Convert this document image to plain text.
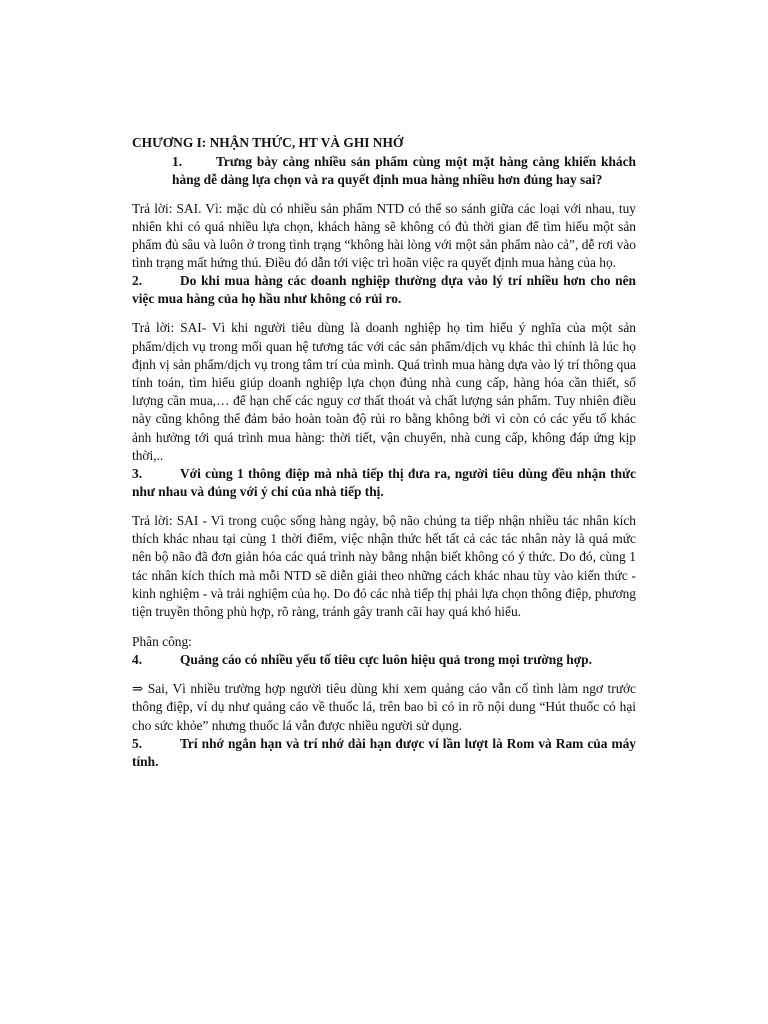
CHƯƠNG I: NHẬN THỨC, HT VÀ GHI NHỚ

1.	Trưng bày càng nhiều sản phẩm cùng một mặt hàng càng khiến khách hàng dễ dàng lựa chọn và ra quyết định mua hàng nhiều hơn đúng hay sai?

Trả lời: SAI. Vì: mặc dù có nhiều sản phẩm NTD có thể so sánh giữa các loại với nhau, tuy nhiên khi có quá nhiều lựa chọn, khách hàng sẽ không có đủ thời gian để tìm hiểu một sản phẩm đủ sâu và luôn ở trong tình trạng “không hài lòng với một sản phẩm nào cả”, dễ rơi vào tình trạng mất hứng thú. Điều đó dẫn tới việc trì hoãn việc ra quyết định mua hàng của họ.

2.	Do khi mua hàng các doanh nghiệp thường dựa vào lý trí nhiều hơn cho nên việc mua hàng của họ hầu như không có rủi ro.

Trả lời: SAI- Vì khi người tiêu dùng là doanh nghiệp họ tìm hiểu ý nghĩa của một sản phẩm/dịch vụ trong mối quan hệ tương tác với các sản phẩm/dịch vụ khác thì chính là lúc họ định vị sản phẩm/dịch vụ trong tâm trí của mình. Quá trình mua hàng dựa vào lý trí thông qua tính toán, tìm hiểu giúp doanh nghiệp lựa chọn đúng nhà cung cấp, hàng hóa cần thiết, số lượng cần mua,… để hạn chế các nguy cơ thất thoát và chất lượng sản phẩm. Tuy nhiên điều này cũng không thể đảm bảo hoàn toàn độ rủi ro bằng không bởi vì còn có các yếu tố khác ảnh hưởng tới quá trình mua hàng: thời tiết, vận chuyển, nhà cung cấp, không đáp ứng kịp thời,..

3.	Với cùng 1 thông điệp mà nhà tiếp thị đưa ra, người tiêu dùng đều nhận thức như nhau và đúng với ý chí của nhà tiếp thị.

Trả lời: SAI - Vì trong cuộc sống hàng ngày, bộ não chúng ta tiếp nhận nhiều tác nhân kích thích khác nhau tại cùng 1 thời điểm, việc nhận thức hết tất cả các tác nhân này là quá mức nên bộ não đã đơn giản hóa các quá trình này bằng nhận biết không có ý thức. Do đó, cùng 1 tác nhân kích thích mà mỗi NTD sẽ diễn giải theo những cách khác nhau tùy vào kiến thức - kinh nghiệm - và trải nghiệm của họ. Do đó các nhà tiếp thị phải lựa chọn thông điệp, phương tiện truyền thông phù hợp, rõ ràng, tránh gây tranh cãi hay quá khó hiểu.

Phân công:

4.	Quảng cáo có nhiều yếu tố tiêu cực luôn hiệu quả trong mọi trường hợp.

⇒ Sai, Vì nhiều trường hợp người tiêu dùng khi xem quảng cáo vẫn cố tình làm ngơ trước thông điệp, ví dụ như quảng cáo về thuốc lá, trên bao bì có in rõ nội dung “Hút thuốc có hại cho sức khỏe” nhưng thuốc lá vẫn được nhiều người sử dụng.

5.	Trí nhớ ngắn hạn và trí nhớ dài hạn được ví lần lượt là Rom và Ram của máy tính.
